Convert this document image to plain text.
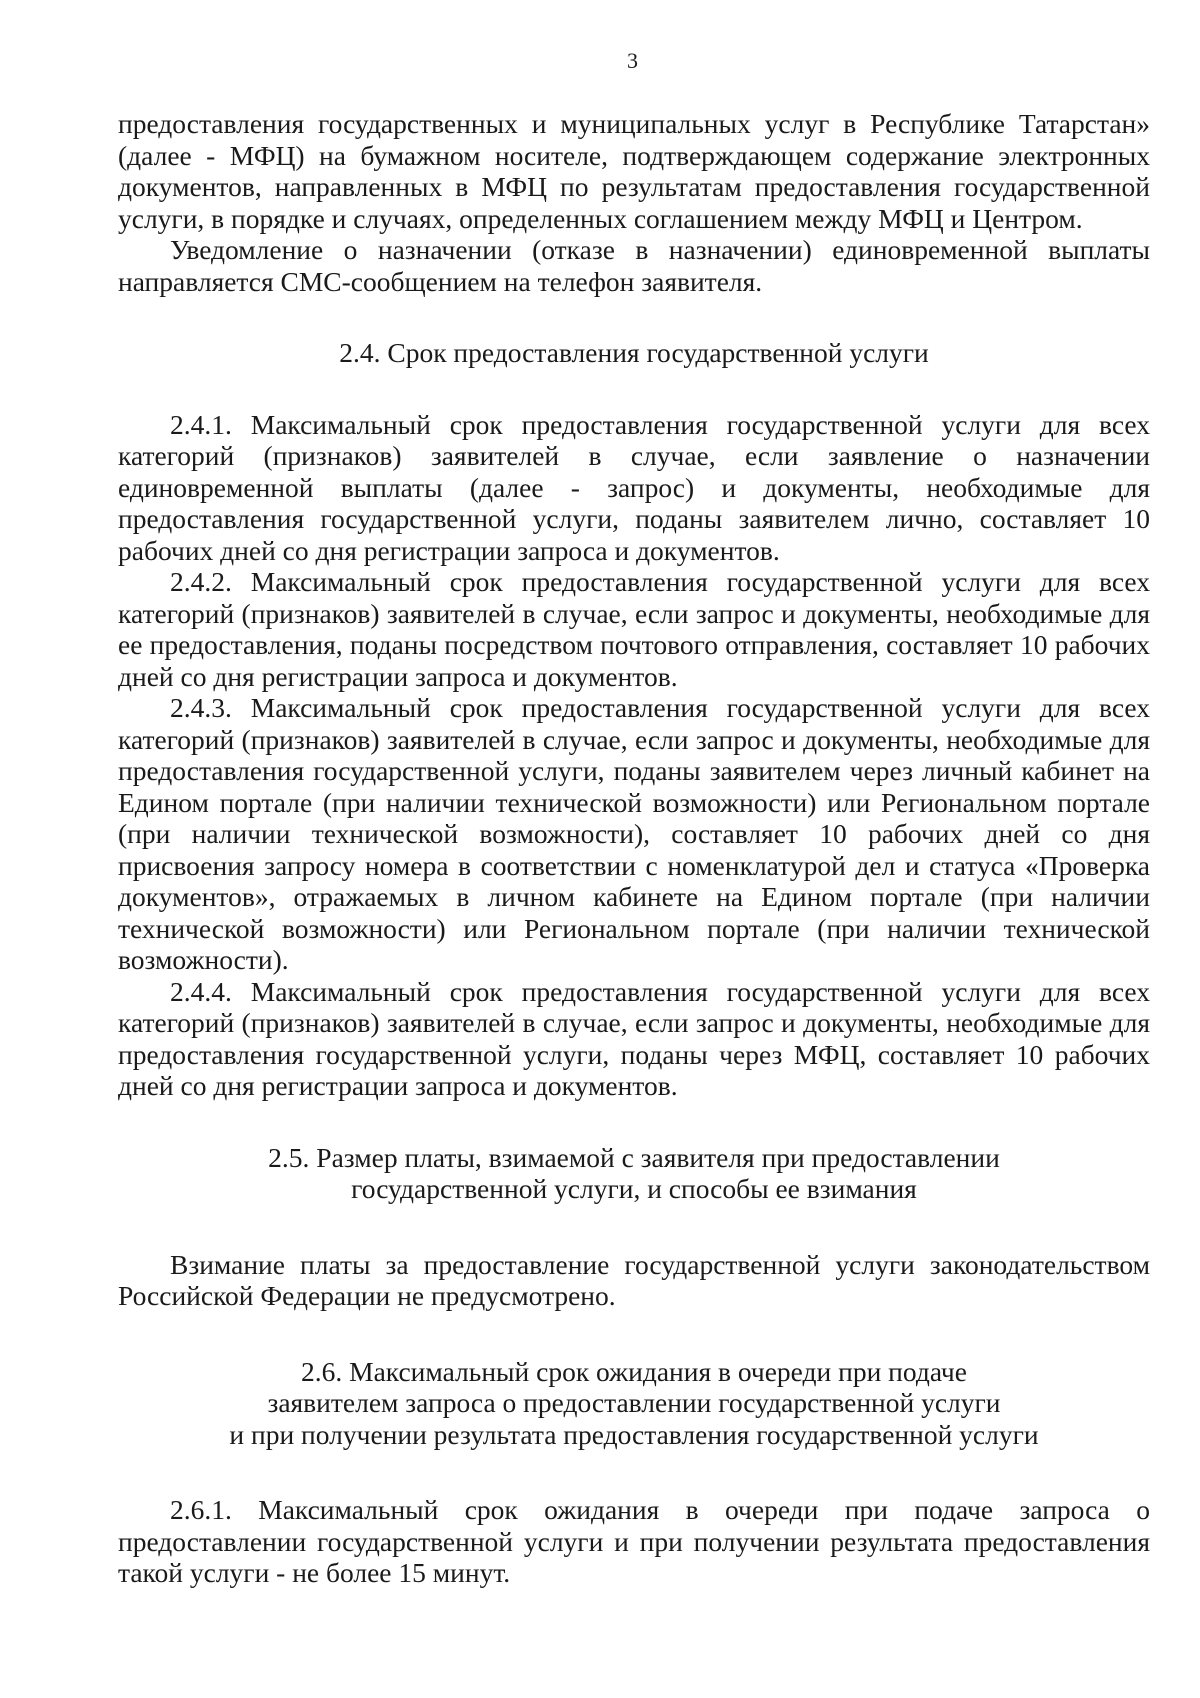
3

предоставления государственных и муниципальных услуг в Республике Татарстан» (далее - МФЦ) на бумажном носителе, подтверждающем содержание электронных документов, направленных в МФЦ по результатам предоставления государственной услуги, в порядке и случаях, определенных соглашением между МФЦ и Центром.

Уведомление о назначении (отказе в назначении) единовременной выплаты направляется СМС-сообщением на телефон заявителя.

2.4. Срок предоставления государственной услуги

2.4.1. Максимальный срок предоставления государственной услуги для всех категорий (признаков) заявителей в случае, если заявление о назначении единовременной выплаты (далее - запрос) и документы, необходимые для предоставления государственной услуги, поданы заявителем лично, составляет 10 рабочих дней со дня регистрации запроса и документов.

2.4.2. Максимальный срок предоставления государственной услуги для всех категорий (признаков) заявителей в случае, если запрос и документы, необходимые для ее предоставления, поданы посредством почтового отправления, составляет 10 рабочих дней со дня регистрации запроса и документов.

2.4.3. Максимальный срок предоставления государственной услуги для всех категорий (признаков) заявителей в случае, если запрос и документы, необходимые для предоставления государственной услуги, поданы заявителем через личный кабинет на Едином портале (при наличии технической возможности) или Региональном портале (при наличии технической возможности), составляет 10 рабочих дней со дня присвоения запросу номера в соответствии с номенклатурой дел и статуса «Проверка документов», отражаемых в личном кабинете на Едином портале (при наличии технической возможности) или Региональном портале (при наличии технической возможности).

2.4.4. Максимальный срок предоставления государственной услуги для всех категорий (признаков) заявителей в случае, если запрос и документы, необходимые для предоставления государственной услуги, поданы через МФЦ, составляет 10 рабочих дней со дня регистрации запроса и документов.

2.5. Размер платы, взимаемой с заявителя при предоставлении

государственной услуги, и способы ее взимания

Взимание платы за предоставление государственной услуги законодательством Российской Федерации не предусмотрено.

2.6. Максимальный срок ожидания в очереди при подаче

заявителем запроса о предоставлении государственной услуги

и при получении результата предоставления государственной услуги

2.6.1. Максимальный срок ожидания в очереди при подаче запроса о предоставлении государственной услуги и при получении результата предоставления такой услуги - не более 15 минут.
